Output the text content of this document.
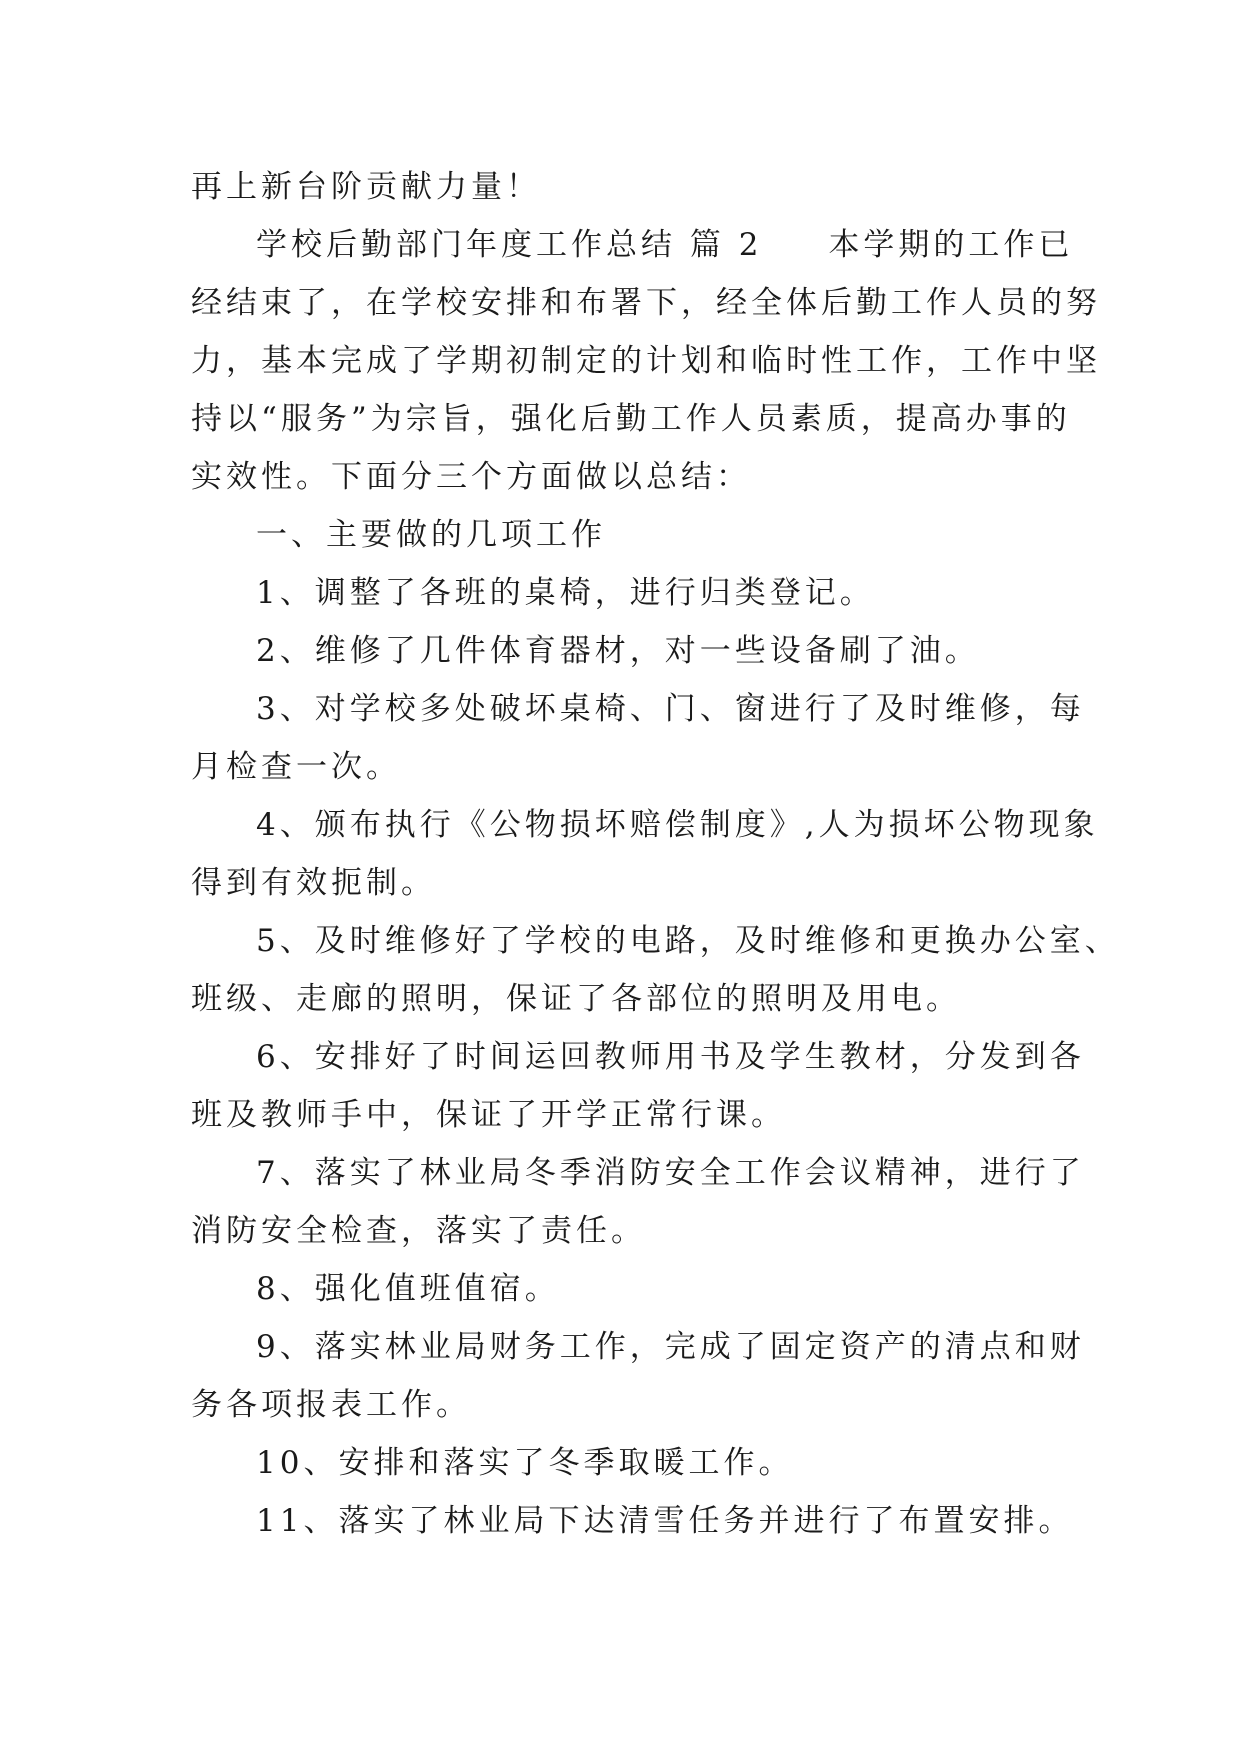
再上新台阶贡献力量！
学校后勤部门年度工作总结 篇 2 本学期的工作已
经结束了，在学校安排和布署下，经全体后勤工作人员的努
力，基本完成了学期初制定的计划和临时性工作，工作中坚
持以“服务”为宗旨，强化后勤工作人员素质，提高办事的
实效性。下面分三个方面做以总结：
一、主要做的几项工作
1、调整了各班的桌椅，进行归类登记。
2、维修了几件体育器材，对一些设备刷了油。
3、对学校多处破坏桌椅、门、窗进行了及时维修，每
月检查一次。
4、颁布执行《公物损坏赔偿制度》,人为损坏公物现象
得到有效扼制。
5、及时维修好了学校的电路，及时维修和更换办公室、
班级、走廊的照明，保证了各部位的照明及用电。
6、安排好了时间运回教师用书及学生教材，分发到各
班及教师手中，保证了开学正常行课。
7、落实了林业局冬季消防安全工作会议精神，进行了
消防安全检查，落实了责任。
8、强化值班值宿。
9、落实林业局财务工作，完成了固定资产的清点和财
务各项报表工作。
10、安排和落实了冬季取暖工作。
11、落实了林业局下达清雪任务并进行了布置安排。
